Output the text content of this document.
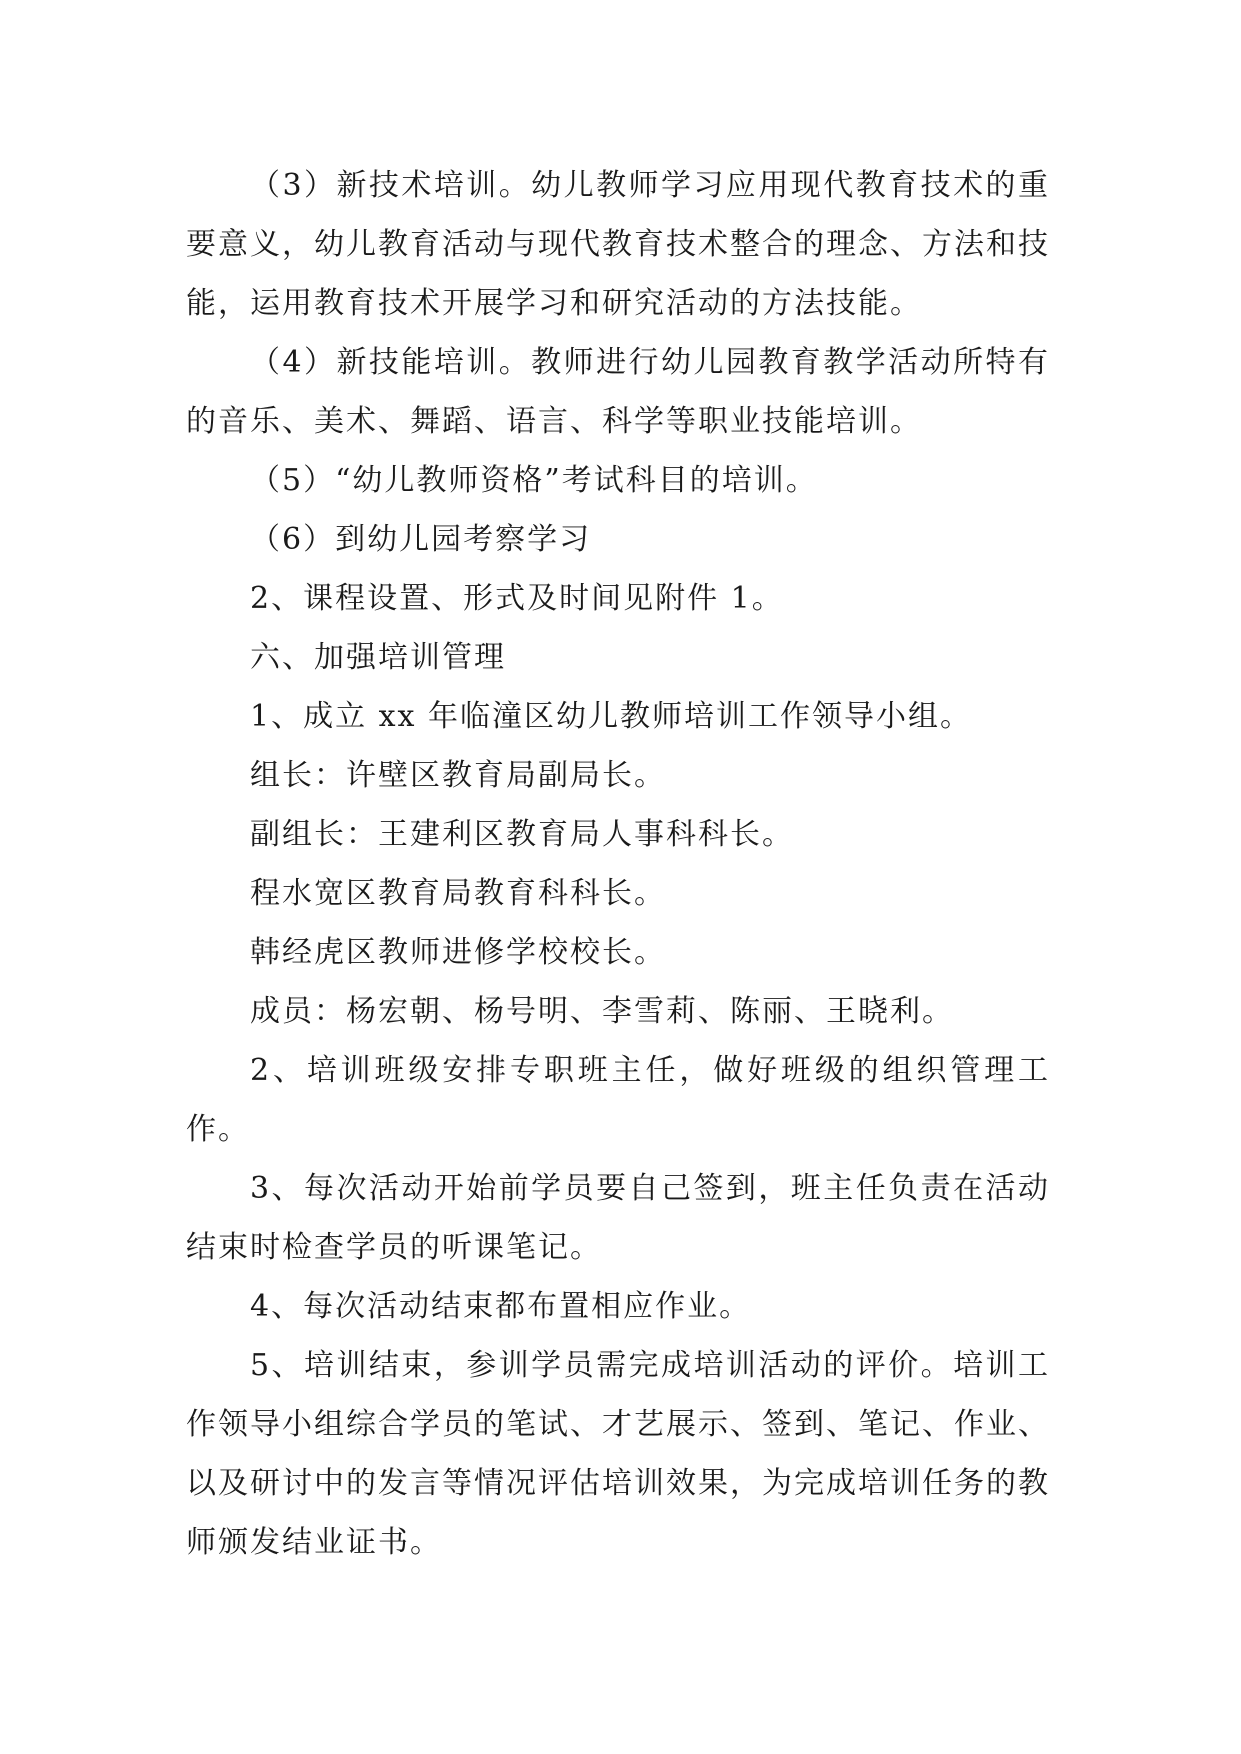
（3）新技术培训。幼儿教师学习应用现代教育技术的重要意义，幼儿教育活动与现代教育技术整合的理念、方法和技能，运用教育技术开展学习和研究活动的方法技能。

（4）新技能培训。教师进行幼儿园教育教学活动所特有的音乐、美术、舞蹈、语言、科学等职业技能培训。

（5）“幼儿教师资格”考试科目的培训。

（6）到幼儿园考察学习

2、课程设置、形式及时间见附件 1。

六、加强培训管理

1、成立 xx 年临潼区幼儿教师培训工作领导小组。

组长：许壁区教育局副局长。

副组长：王建利区教育局人事科科长。

程水宽区教育局教育科科长。

韩经虎区教师进修学校校长。

成员：杨宏朝、杨号明、李雪莉、陈丽、王晓利。

2、培训班级安排专职班主任，做好班级的组织管理工作。

3、每次活动开始前学员要自己签到，班主任负责在活动结束时检查学员的听课笔记。

4、每次活动结束都布置相应作业。

5、培训结束，参训学员需完成培训活动的评价。培训工作领导小组综合学员的笔试、才艺展示、签到、笔记、作业、以及研讨中的发言等情况评估培训效果，为完成培训任务的教师颁发结业证书。
